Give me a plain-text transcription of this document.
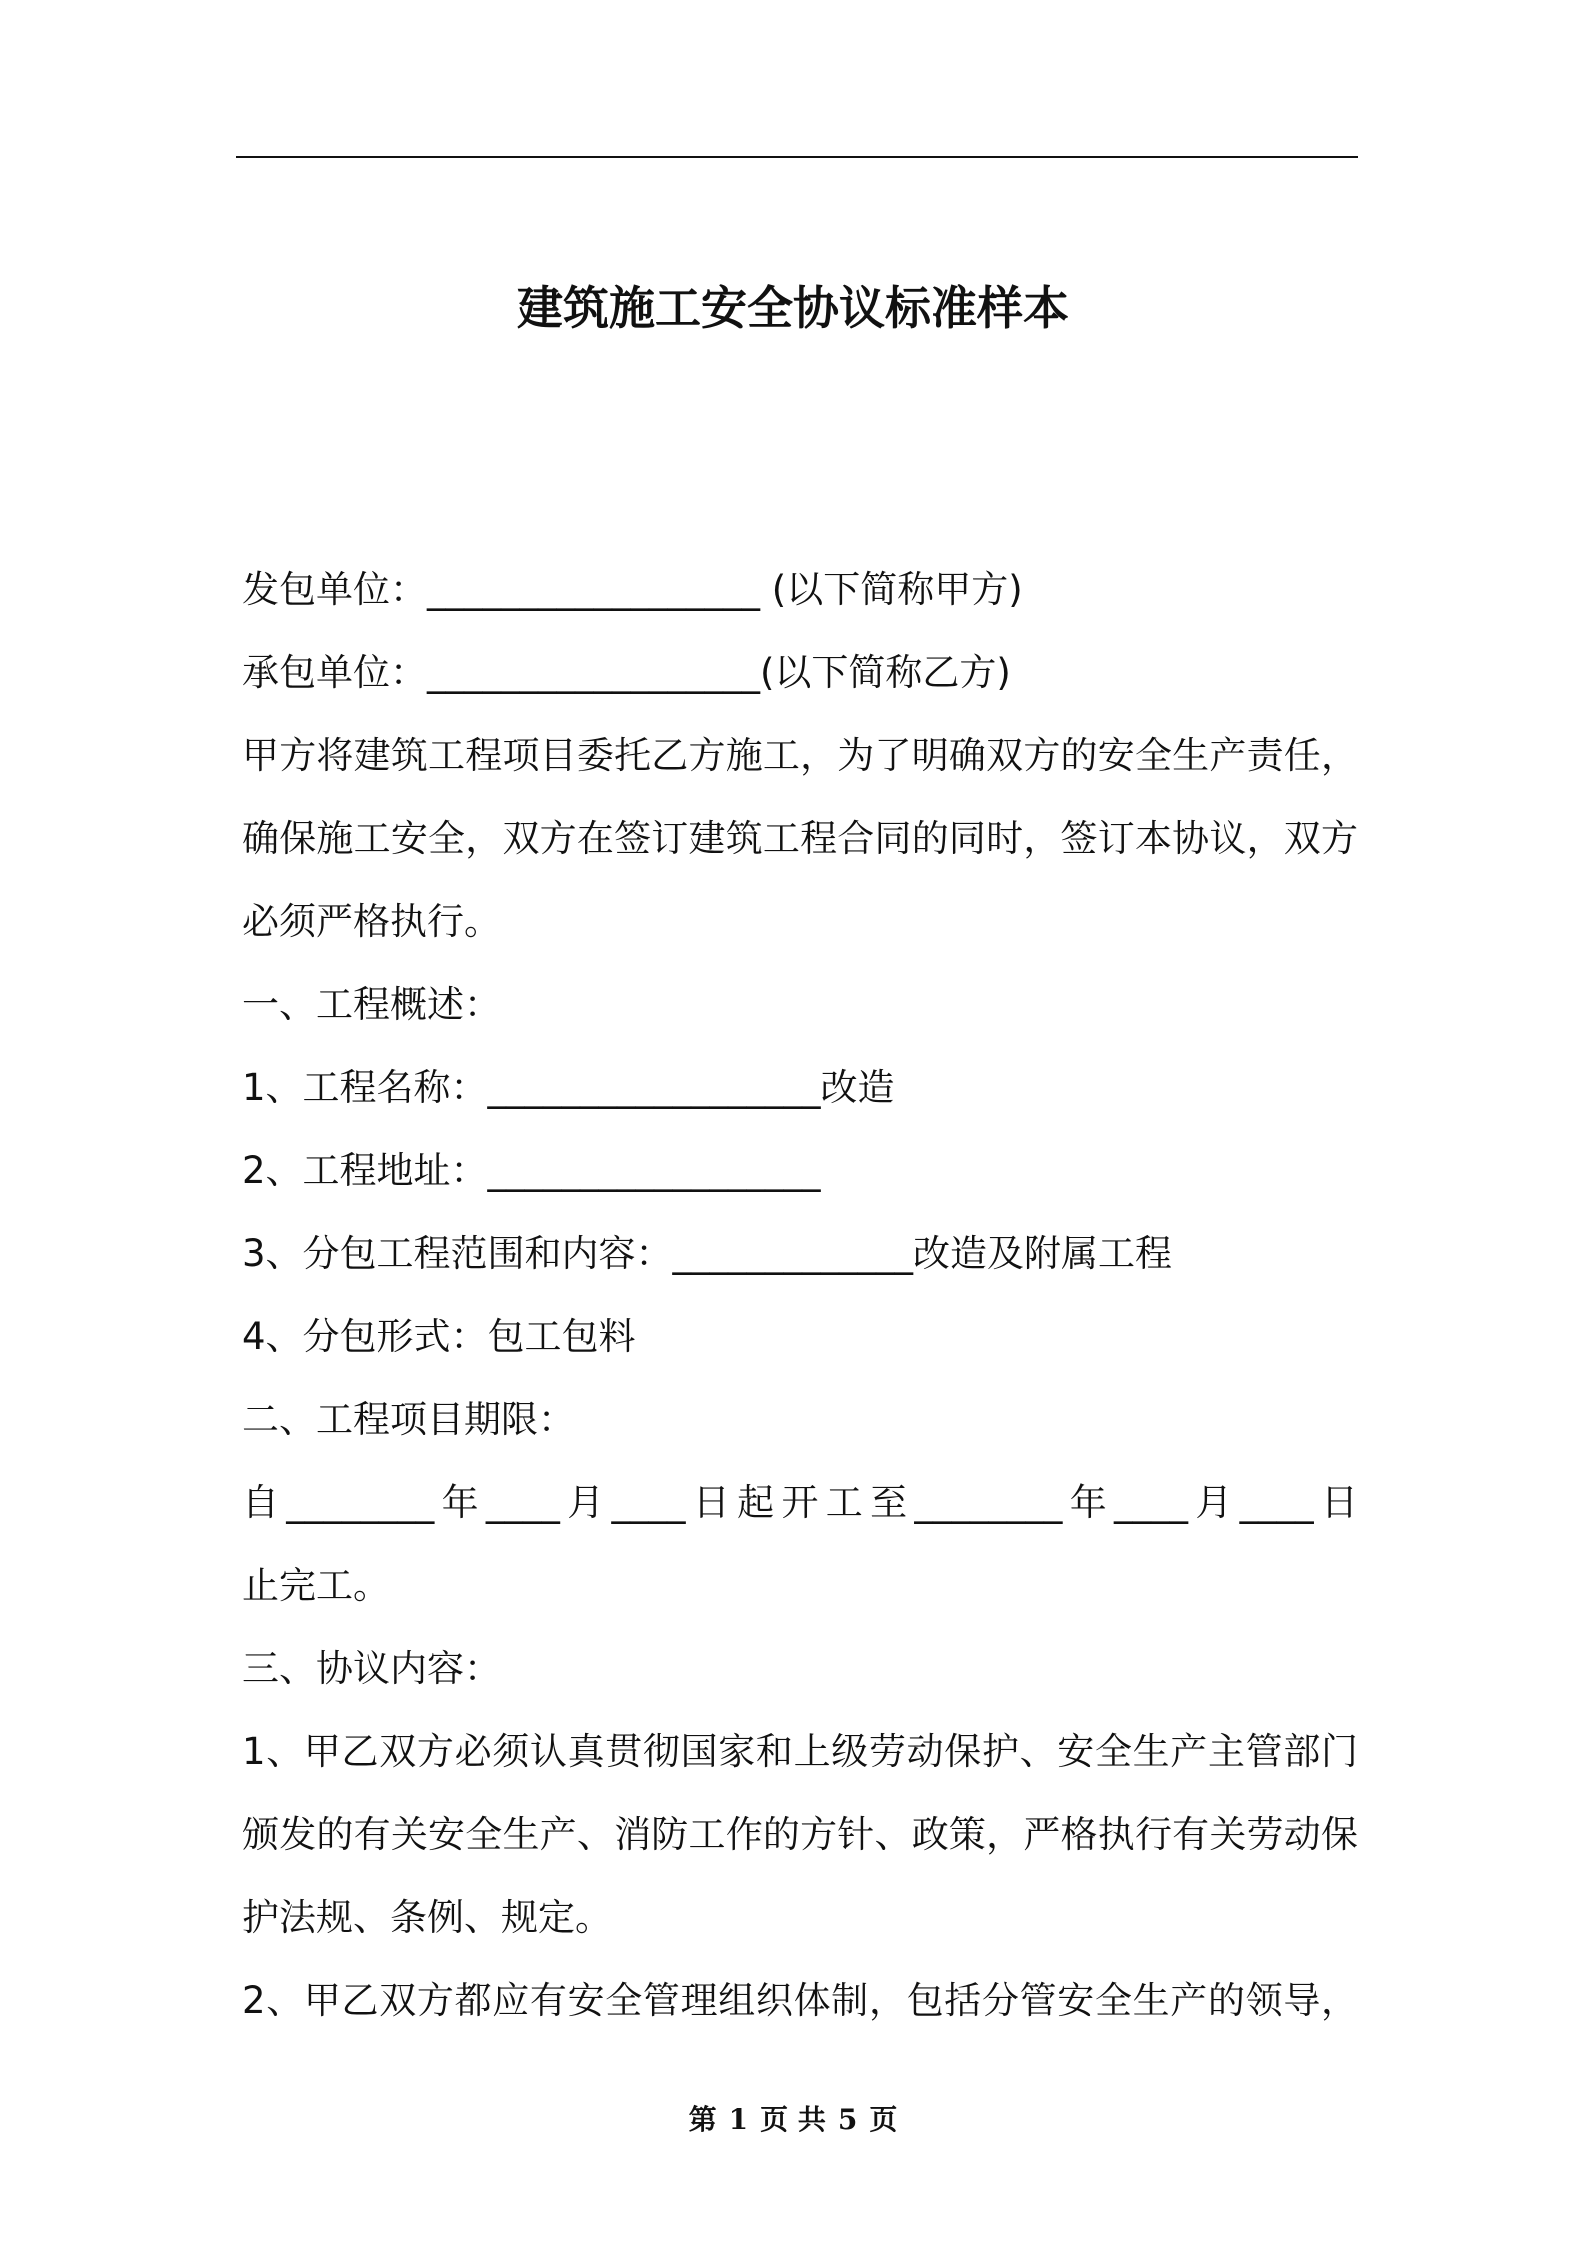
建筑施工安全协议标准样本
发包单位：__________________ (以下简称甲方)
承包单位：__________________(以下简称乙方)
甲方将建筑工程项目委托乙方施工，为了明确双方的安全生产责任，
确保施工安全，双方在签订建筑工程合同的同时，签订本协议，双方
必须严格执行。
一、工程概述：
1、工程名称：__________________改造
2、工程地址：__________________
3、分包工程范围和内容：_____________改造及附属工程
4、分包形式：包工包料
二、工程项目期限：
自________年____月____日起开工至________年____月____日
止完工。
三、协议内容：
1、甲乙双方必须认真贯彻国家和上级劳动保护、安全生产主管部门
颁发的有关安全生产、消防工作的方针、政策，严格执行有关劳动保
护法规、条例、规定。
2、甲乙双方都应有安全管理组织体制，包括分管安全生产的领导，
第 1 页 共 5 页
